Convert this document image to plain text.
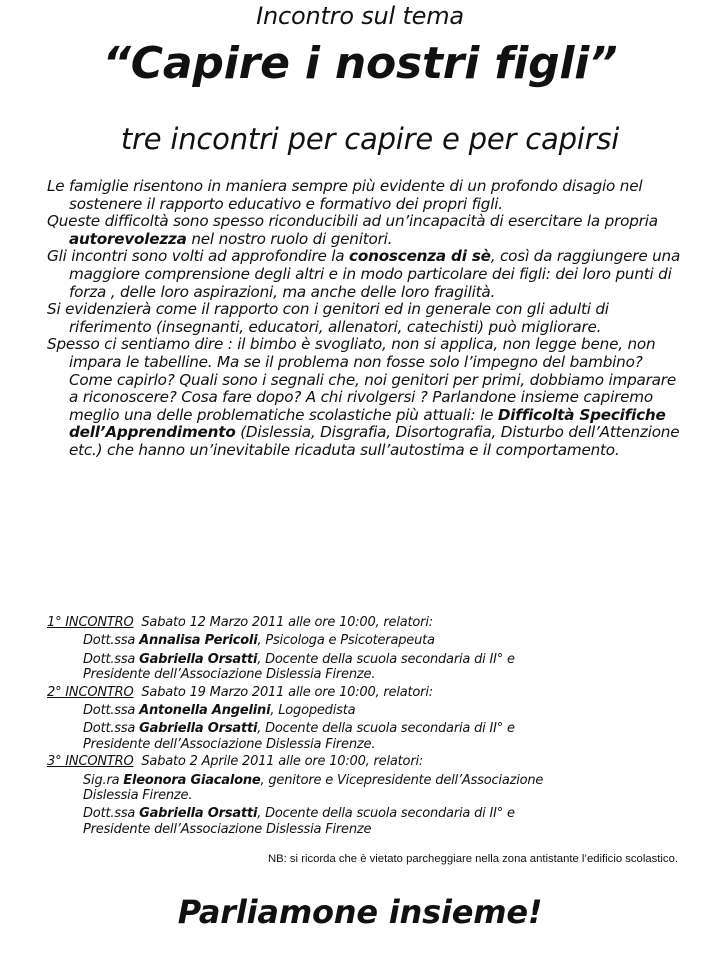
Incontro sul tema
“Capire i nostri figli”
tre incontri per capire e per capirsi

Le famiglie risentono in maniera sempre più evidente di un profondo disagio nel sostenere il rapporto educativo e formativo dei propri figli.

Queste difficoltà sono spesso riconducibili ad un’incapacità di esercitare la propria autorevolezza nel nostro ruolo di genitori.

Gli incontri sono volti ad approfondire la conoscenza di sè, così da raggiungere una maggiore comprensione degli altri e in modo particolare dei figli: dei loro punti di forza , delle loro aspirazioni, ma anche delle loro fragilità.

Si evidenzierà come il rapporto con i genitori ed in generale con gli adulti di riferimento (insegnanti, educatori, allenatori, catechisti) può migliorare.

Spesso ci sentiamo dire : il bimbo è svogliato, non si applica, non legge bene, non impara le tabelline. Ma se il problema non fosse solo l’impegno del bambino? Come capirlo? Quali sono i segnali che, noi genitori per primi, dobbiamo imparare a riconoscere? Cosa fare dopo? A chi rivolgersi ? Parlandone insieme capiremo meglio una delle problematiche scolastiche più attuali: le Difficoltà Specifiche dell’Apprendimento (Dislessia, Disgrafia, Disortografia, Disturbo dell’Attenzione etc.) che hanno un’inevitabile ricaduta sull’autostima e il comportamento.

1° INCONTRO  Sabato 12 Marzo 2011 alle ore 10:00, relatori:
Dott.ssa Annalisa Pericoli, Psicologa e Psicoterapeuta
Dott.ssa Gabriella Orsatti, Docente della scuola secondaria di II° e
Presidente dell’Associazione Dislessia Firenze.
2° INCONTRO  Sabato 19 Marzo 2011 alle ore 10:00, relatori:
Dott.ssa Antonella Angelini, Logopedista
Dott.ssa Gabriella Orsatti, Docente della scuola secondaria di II° e
Presidente dell’Associazione Dislessia Firenze.
3° INCONTRO  Sabato 2 Aprile 2011 alle ore 10:00, relatori:
Sig.ra Eleonora Giacalone, genitore e Vicepresidente dell’Associazione
Dislessia Firenze.
Dott.ssa Gabriella Orsatti, Docente della scuola secondaria di II° e
Presidente dell’Associazione Dislessia Firenze
NB: si ricorda che è vietato parcheggiare nella zona antistante l’edificio scolastico.
Parliamone insieme!
